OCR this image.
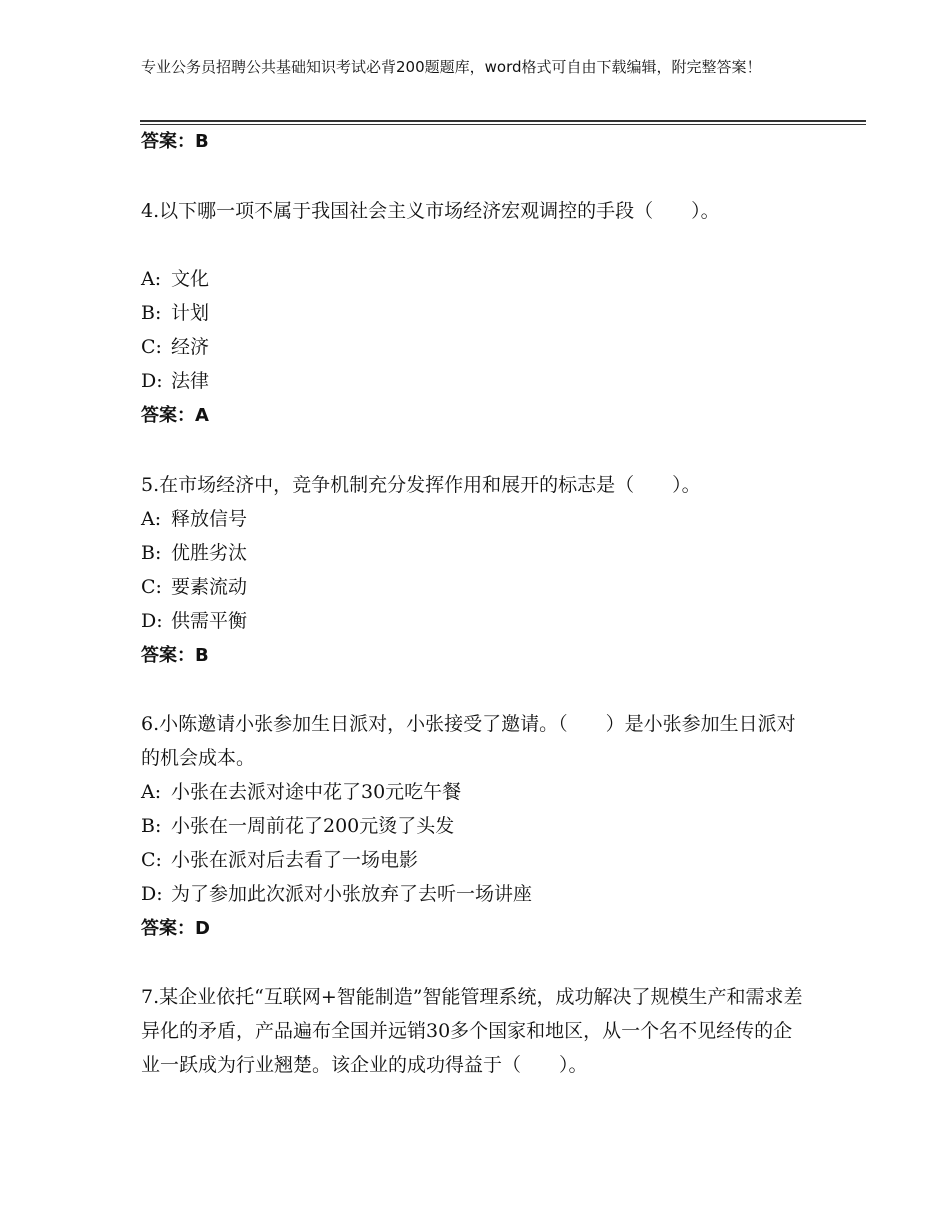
专业公务员招聘公共基础知识考试必背200题题库，word格式可自由下载编辑，附完整答案！
答案：B
4.以下哪一项不属于我国社会主义市场经济宏观调控的手段（　　）。
A: 文化
B: 计划
C: 经济
D: 法律
答案：A
5.在市场经济中，竞争机制充分发挥作用和展开的标志是（　　）。
A: 释放信号
B: 优胜劣汰
C: 要素流动
D: 供需平衡
答案：B
6.小陈邀请小张参加生日派对，小张接受了邀请。（　　）是小张参加生日派对的机会成本。
A: 小张在去派对途中花了30元吃午餐
B: 小张在一周前花了200元烫了头发
C: 小张在派对后去看了一场电影
D: 为了参加此次派对小张放弃了去听一场讲座
答案：D
7.某企业依托“互联网+智能制造”智能管理系统，成功解决了规模生产和需求差异化的矛盾，产品遍布全国并远销30多个国家和地区，从一个名不见经传的企业一跃成为行业翘楚。该企业的成功得益于（　　）。
